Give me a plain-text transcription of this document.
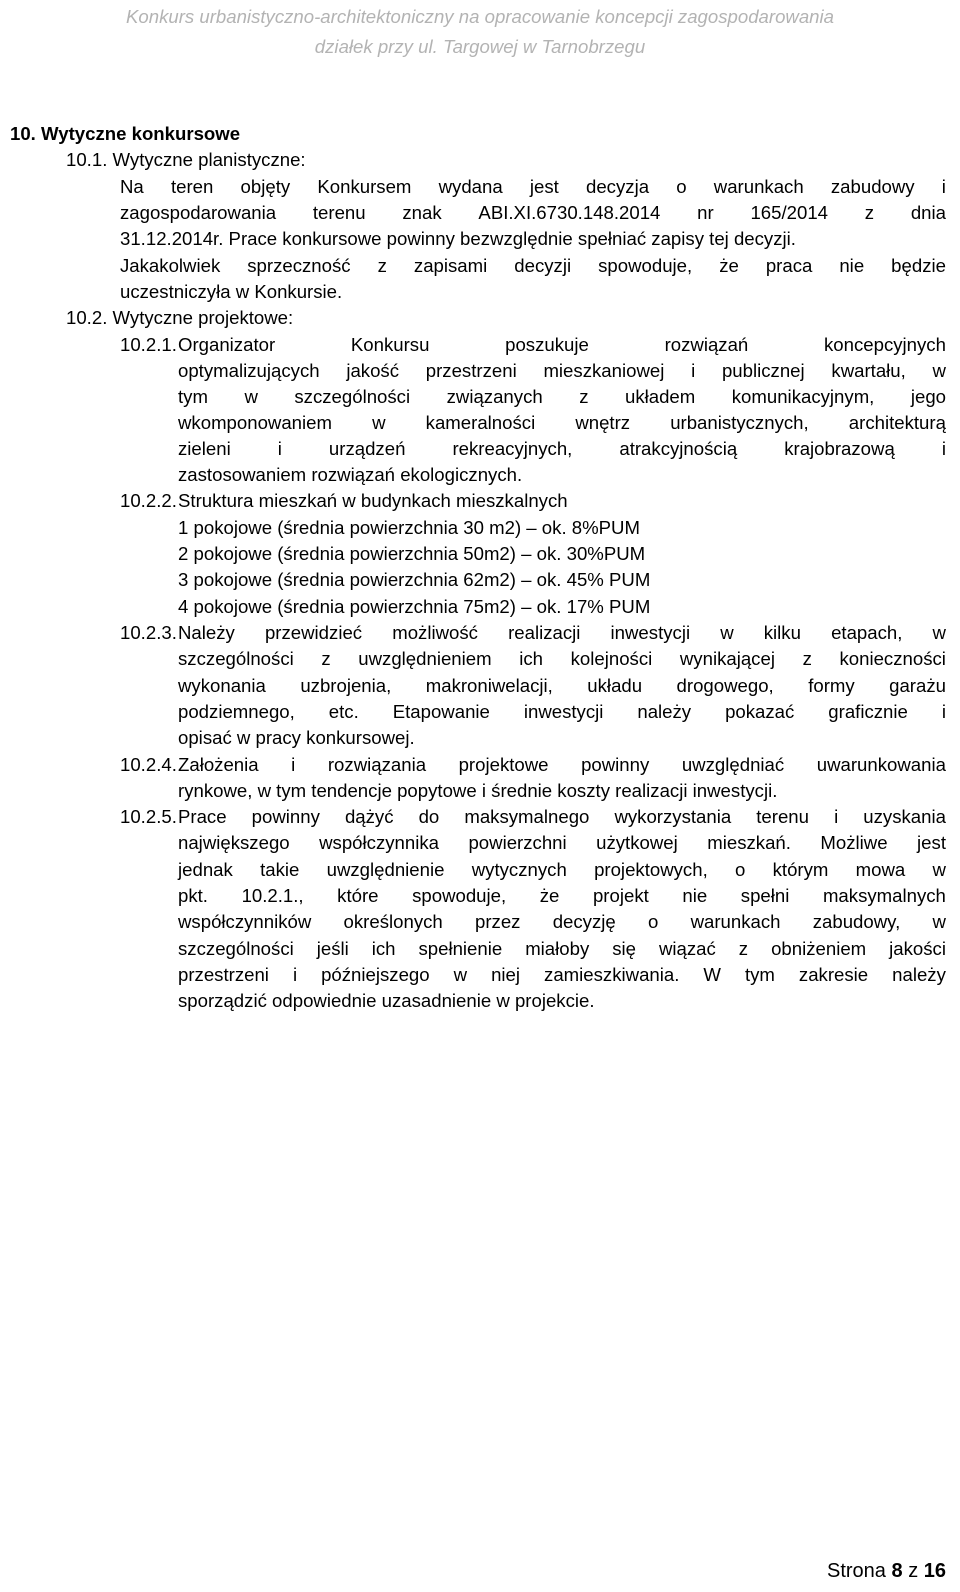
Konkurs urbanistyczno-architektoniczny na opracowanie koncepcji zagospodarowania
działek przy ul. Targowej w Tarnobrzegu
10. Wytyczne konkursowe
10.1. Wytyczne planistyczne:
Na teren objęty Konkursem wydana jest decyzja o warunkach zabudowy i
zagospodarowania terenu znak ABI.XI.6730.148.2014 nr 165/2014 z dnia
31.12.2014r. Prace konkursowe powinny bezwzględnie spełniać zapisy tej decyzji.
Jakakolwiek sprzeczność z zapisami decyzji spowoduje, że praca nie będzie
uczestniczyła w Konkursie.
10.2. Wytyczne projektowe:
10.2.1. Organizator	Konkursu	poszukuje	rozwiązań	koncepcyjnych
optymalizujących jakość przestrzeni mieszkaniowej i publicznej kwartału, w
tym w szczególności związanych z układem komunikacyjnym, jego
wkomponowaniem w kameralności wnętrz urbanistycznych, architekturą
zieleni	i	urządzeń	rekreacyjnych,	atrakcyjnością	krajobrazową	i
zastosowaniem rozwiązań ekologicznych.
10.2.2. Struktura mieszkań w budynkach mieszkalnych
1 pokojowe (średnia powierzchnia 30 m2) – ok. 8%PUM
2 pokojowe (średnia powierzchnia 50m2) – ok. 30%PUM
3 pokojowe (średnia powierzchnia 62m2) – ok. 45% PUM
4 pokojowe (średnia powierzchnia 75m2) – ok. 17% PUM
10.2.3. Należy przewidzieć możliwość realizacji inwestycji w kilku etapach, w
szczególności z uwzględnieniem ich kolejności wynikającej z konieczności
wykonania uzbrojenia, makroniwelacji, układu drogowego, formy garażu
podziemnego, etc. Etapowanie inwestycji należy pokazać graficznie i
opisać w pracy konkursowej.
10.2.4. Założenia i rozwiązania projektowe powinny uwzględniać uwarunkowania
rynkowe, w tym tendencje popytowe i średnie koszty realizacji inwestycji.
10.2.5. Prace powinny dążyć do maksymalnego wykorzystania terenu i uzyskania
największego współczynnika powierzchni użytkowej mieszkań. Możliwe jest
jednak takie uwzględnienie wytycznych projektowych, o którym mowa w
pkt. 10.2.1., które spowoduje, że projekt nie spełni maksymalnych
współczynników określonych przez decyzję o warunkach zabudowy, w
szczególności jeśli ich spełnienie miałoby się wiązać z obniżeniem jakości
przestrzeni i późniejszego w niej zamieszkiwania. W tym zakresie należy
sporządzić odpowiednie uzasadnienie w projekcie.
Strona 8 z 16
